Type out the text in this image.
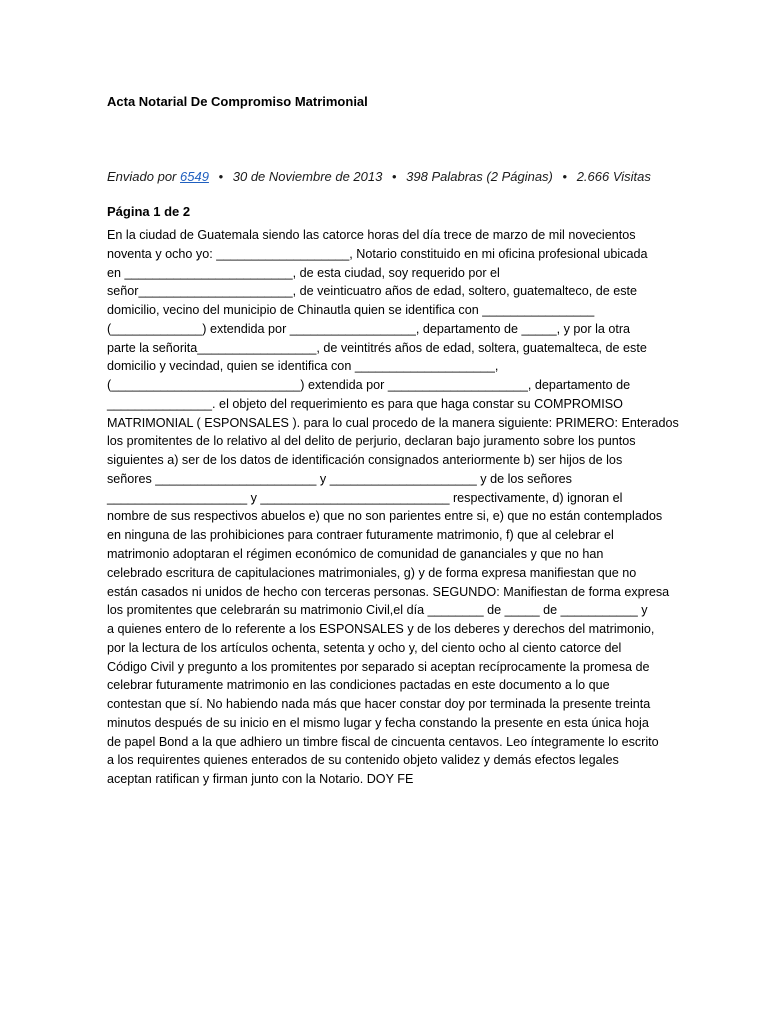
Acta Notarial De Compromiso Matrimonial
Enviado por 6549 • 30 de Noviembre de 2013 • 398 Palabras (2 Páginas) • 2.666 Visitas
Página 1 de 2
En la ciudad de Guatemala siendo las catorce horas del día trece de marzo de mil novecientos
noventa y ocho yo: ___________________, Notario constituido en mi oficina profesional ubicada
en ________________________, de esta ciudad, soy requerido por el
señor______________________, de veinticuatro años de edad, soltero, guatemalteco, de este
domicilio, vecino del municipio de Chinautla quien se identifica con ________________
(_____________) extendida por __________________, departamento de _____, y por la otra
parte la señorita_________________, de veintitrés años de edad, soltera, guatemalteca, de este
domicilio y vecindad, quien se identifica con ____________________,
(___________________________) extendida por ____________________, departamento de
_______________. el objeto del requerimiento es para que haga constar su COMPROMISO
MATRIMONIAL ( ESPONSALES ). para lo cual procedo de la manera siguiente: PRIMERO: Enterados
los promitentes de lo relativo al del delito de perjurio, declaran bajo juramento sobre los puntos
siguientes a) ser de los datos de identificación consignados anteriormente b) ser hijos de los
señores _______________________ y _____________________ y de los señores
____________________ y ___________________________ respectivamente, d) ignoran el
nombre de sus respectivos abuelos e) que no son parientes entre si, e) que no están contemplados
en ninguna de las prohibiciones para contraer futuramente matrimonio, f) que al celebrar el
matrimonio adoptaran el régimen económico de comunidad de gananciales y que no han
celebrado escritura de capitulaciones matrimoniales, g) y de forma expresa manifiestan que no
están casados ni unidos de hecho con terceras personas. SEGUNDO: Manifiestan de forma expresa
los promitentes que celebrarán su matrimonio Civil,el día ________ de _____ de ___________ y
a quienes entero de lo referente a los ESPONSALES y de los deberes y derechos del matrimonio,
por la lectura de los artículos ochenta, setenta y ocho y, del ciento ocho al ciento catorce del
Código Civil y pregunto a los promitentes por separado si aceptan recíprocamente la promesa de
celebrar futuramente matrimonio en las condiciones pactadas en este documento a lo que
contestan que sí. No habiendo nada más que hacer constar doy por terminada la presente treinta
minutos después de su inicio en el mismo lugar y fecha constando la presente en esta única hoja
de papel Bond a la que adhiero un timbre fiscal de cincuenta centavos. Leo íntegramente lo escrito
a los requirentes quienes enterados de su contenido objeto validez y demás efectos legales
aceptan ratifican y firman junto con la Notario. DOY FE
